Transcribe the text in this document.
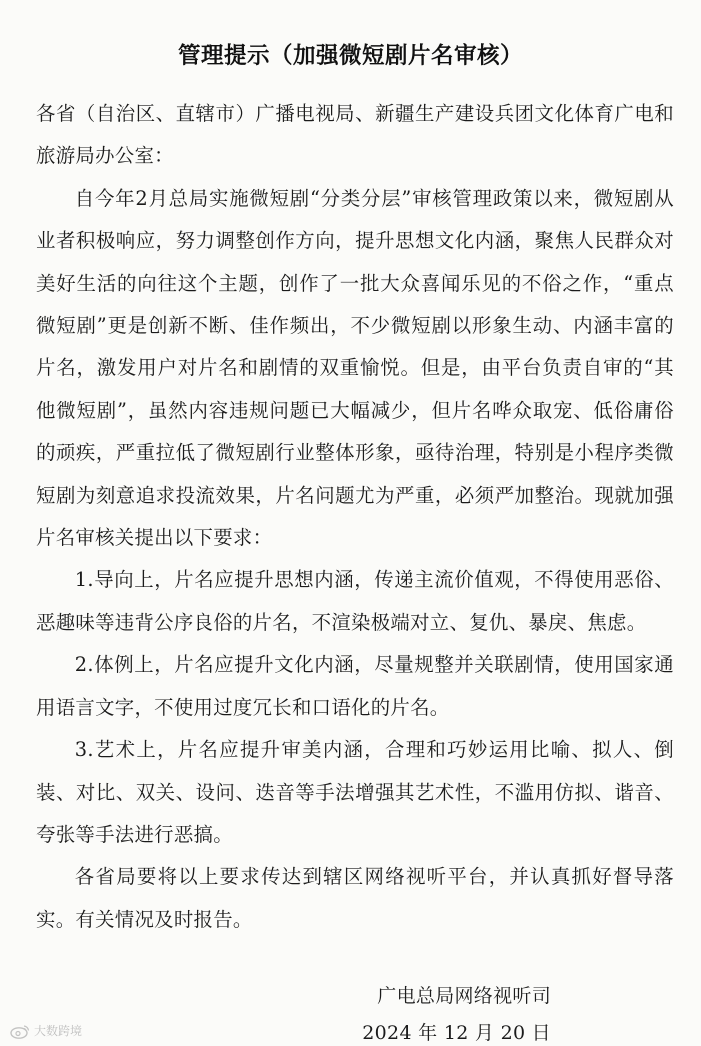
管理提示（加强微短剧片名审核）

各省（自治区、直辖市）广播电视局、新疆生产建设兵团文化体育广电和旅游局办公室：

自今年2月总局实施微短剧“分类分层”审核管理政策以来，微短剧从业者积极响应，努力调整创作方向，提升思想文化内涵，聚焦人民群众对美好生活的向往这个主题，创作了一批大众喜闻乐见的不俗之作，“重点微短剧”更是创新不断、佳作频出，不少微短剧以形象生动、内涵丰富的片名，激发用户对片名和剧情的双重愉悦。但是，由平台负责自审的“其他微短剧”，虽然内容违规问题已大幅减少，但片名哗众取宠、低俗庸俗的顽疾，严重拉低了微短剧行业整体形象，亟待治理，特别是小程序类微短剧为刻意追求投流效果，片名问题尤为严重，必须严加整治。现就加强片名审核关提出以下要求：

1.导向上，片名应提升思想内涵，传递主流价值观，不得使用恶俗、恶趣味等违背公序良俗的片名，不渲染极端对立、复仇、暴戾、焦虑。

2.体例上，片名应提升文化内涵，尽量规整并关联剧情，使用国家通用语言文字，不使用过度冗长和口语化的片名。

3.艺术上，片名应提升审美内涵，合理和巧妙运用比喻、拟人、倒装、对比、双关、设问、迭音等手法增强其艺术性，不滥用仿拟、谐音、夸张等手法进行恶搞。

各省局要将以上要求传达到辖区网络视听平台，并认真抓好督导落实。有关情况及时报告。

广电总局网络视听司
2024 年 12 月 20 日
大数跨境
